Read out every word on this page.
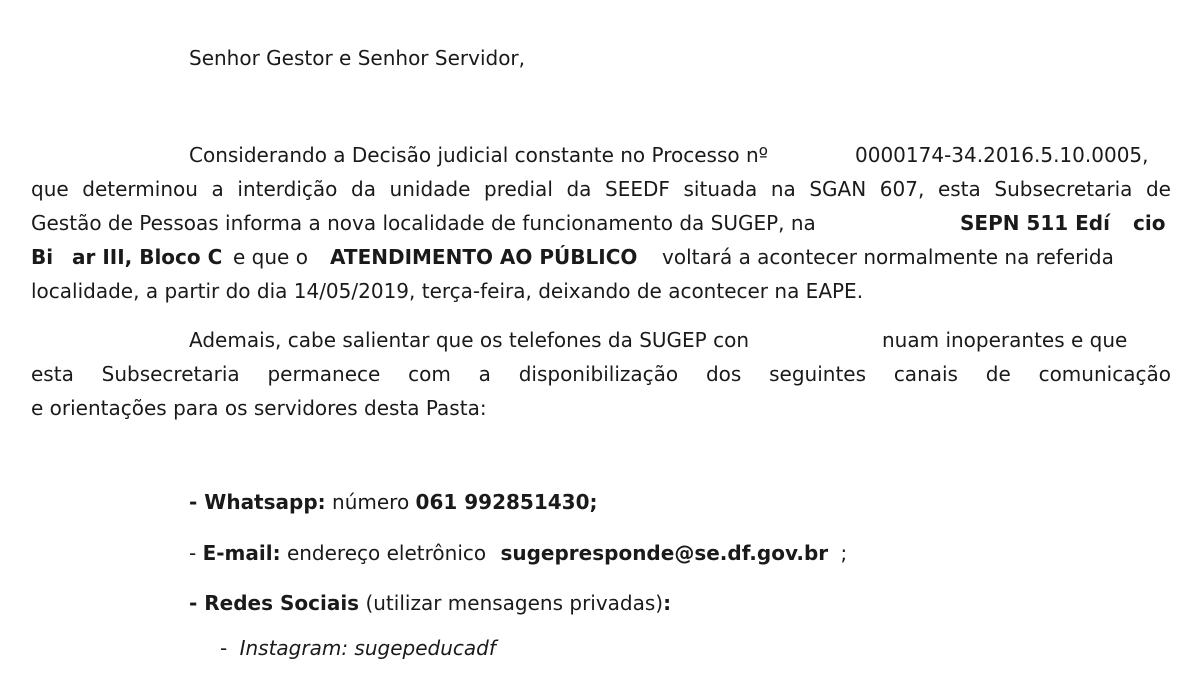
Senhor Gestor e Senhor Servidor,
Considerando a Decisão judicial constante no Processo nº	0000174-34.2016.5.10.0005,
que determinou a interdição da unidade predial da SEEDF situada na SGAN 607, esta Subsecretaria de
Gestão de Pessoas informa a nova localidade de funcionamento da SUGEP, na	SEPN 511 Edí cio
Bi ar III, Bloco C e que o ATENDIMENTO AO PÚBLICO voltará a acontecer normalmente na referida
localidade, a partir do dia 14/05/2019, terça-feira, deixando de acontecer na EAPE.
Ademais, cabe salientar que os telefones da SUGEP con	nuam inoperantes e que
esta Subsecretaria permanece com a disponibilização dos seguintes canais de comunicação
e orientações para os servidores desta Pasta:
- Whatsapp: número 061 992851430;
- E-mail: endereço eletrônico sugepresponde@se.df.gov.br ;
- Redes Sociais (utilizar mensagens privadas):
- Instagram: sugepeducadf
